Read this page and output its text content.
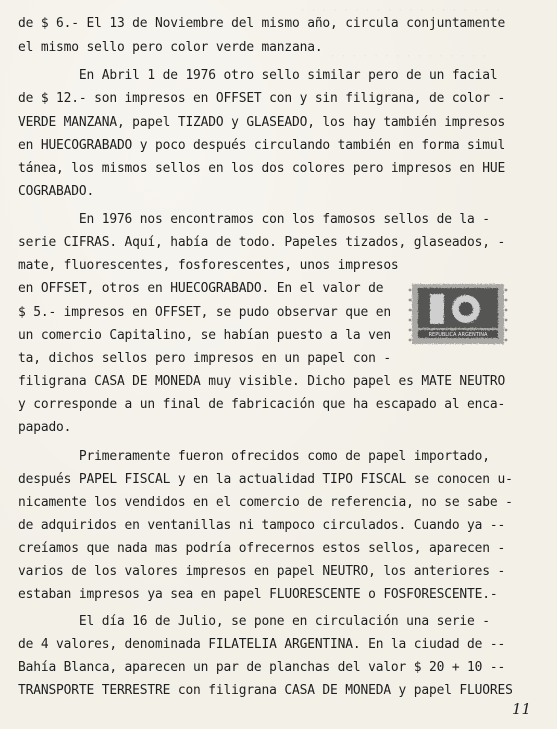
· · · · · · · · · · · · · · · · · · ·
· · · · · · · · · · · · · · ·
de $ 6.- El 13 de Noviembre del mismo año, circula conjuntamente
el mismo sello pero color verde manzana.
En Abril 1 de 1976 otro sello similar pero de un facial
de $ 12.- son impresos en OFFSET con y sin filigrana, de color -
VERDE MANZANA, papel TIZADO y GLASEADO, los hay también impresos
en HUECOGRABADO y poco después circulando también en forma simul
tánea, los mismos sellos en los dos colores pero impresos en HUE
COGRABADO.
En 1976 nos encontramos con los famosos sellos de la -
serie CIFRAS. Aquí, había de todo. Papeles tizados, glaseados, -
mate, fluorescentes, fosforescentes, unos impresos
en OFFSET, otros en HUECOGRABADO. En el valor de
$ 5.- impresos en OFFSET, se pudo observar que en
un comercio Capitalino, se habían puesto a la ven
ta, dichos sellos pero impresos en un papel con -
filigrana CASA DE MONEDA muy visible. Dicho papel es MATE NEUTRO
y corresponde a un final de fabricación que ha escapado al enca-
papado.
Primeramente fueron ofrecidos como de papel importado,
después PAPEL FISCAL y en la actualidad TIPO FISCAL se conocen u-
nicamente los vendidos en el comercio de referencia, no se sabe -
de adquiridos en ventanillas ni tampoco circulados. Cuando ya --
creíamos que nada mas podría ofrecernos estos sellos, aparecen -
varios de los valores impresos en papel NEUTRO, los anteriores -
estaban impresos ya sea en papel FLUORESCENTE o FOSFORESCENTE.-
El día 16 de Julio, se pone en circulación una serie -
de 4 valores, denominada FILATELIA ARGENTINA. En la ciudad de --
Bahía Blanca, aparecen un par de planchas del valor $ 20 + 10 --
TRANSPORTE TERRESTRE con filigrana CASA DE MONEDA y papel FLUORES
REPUBLICA ARGENTINA
11
